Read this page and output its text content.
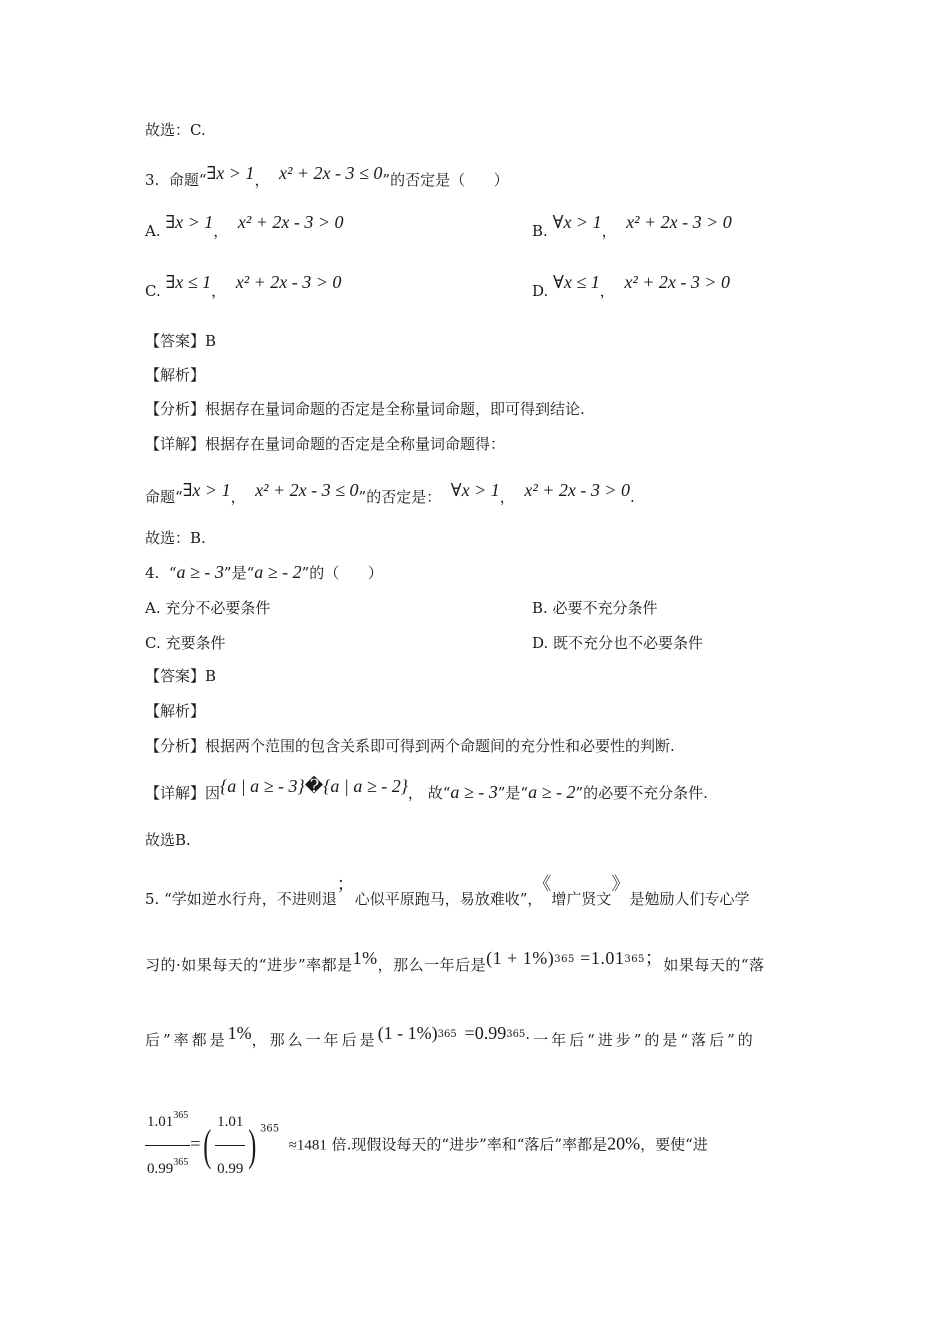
故选：C.
3. 命题“∃x > 1， x² + 2x - 3 ≤ 0”的否定是（ ）
A. ∃x > 1， x² + 2x - 3 > 0	B. ∀x > 1， x² + 2x - 3 > 0
C. ∃x ≤ 1， x² + 2x - 3 > 0	D. ∀x ≤ 1， x² + 2x - 3 > 0
【答案】B
【解析】
【分析】根据存在量词命题的否定是全称量词命题，即可得到结论.
【详解】根据存在量词命题的否定是全称量词命题得：
命题“∃x > 1， x² + 2x - 3 ≤ 0”的否定是： ∀x > 1， x² + 2x - 3 > 0.
故选：B.
4. “a ≥ - 3”是“a ≥ - 2”的（ ）
A. 充分不必要条件	B. 必要不充分条件
C. 充要条件	D. 既不充分也不必要条件
【答案】B
【解析】
【分析】根据两个范围的包含关系即可得到两个命题间的充分性和必要性的判断.
【详解】因{a | a ≥ - 3}�{a | a ≥ - 2}， 故“a ≥ - 3”是“a ≥ - 2”的必要不充分条件.
故选B.
5. “学如逆水行舟，不进则退；心似平原跑马，易放难收”，《增广贤文》是勉励人们专心学
习的·如果每天的“进步”率都是1%，那么一年后是$(1 + 1\%)^{365} =1.01^{365}$；如果每天的“落
后”率都是1%，那么一年后是$(1 - 1\%)^{365} =0.99^{365}$.一年后“进步”的是“落后”的
$\frac{1.01^{365}}{0.99^{365}}$ =( $\frac{1.01}{0.99}$ ) $^{365}$  ≈1481 倍.现假设每天的“进步”率和“落后”率都是20%，要使“进
